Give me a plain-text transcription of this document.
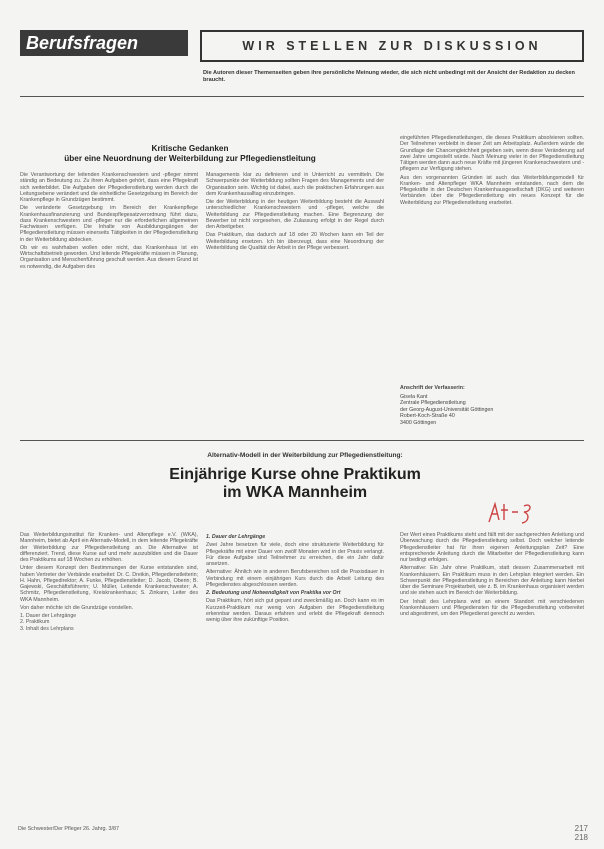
Berufsfragen	WIR STELLEN ZUR DISKUSSION
Die Autoren dieser Themenseiten geben ihre persönliche Meinung wieder, die sich nicht unbedingt mit der Ansicht der Redaktion zu decken braucht.
Kritische Gedanken
über eine Neuordnung der Weiterbildung zur Pflegedienstleitung

Die Verantwortung der leitenden Krankenschwestern und -pfleger nimmt ständig an Bedeutung zu. Zu ihren Aufgaben gehört, dass eine Pflegekraft sich weiterbildet. Die Aufgaben der Pflegedienstleitung werden durch die Leitungsebene verändert und die einheitliche Gesetzgebung im Bereich der Krankenpflege in Grundzügen bestimmt.

Die veränderte Gesetzgebung im Bereich der Krankenpflege Krankenhausfinanzierung und Bundespflegesatzverordnung führt dazu, dass Krankenschwestern und -pfleger nur die erforderlichen allgemeinen Fachwissen verfügen. Die Inhalte von Ausbildungsgängen der Pflegedienstleitung müssen einerseits Tätigkeiten in der Pflegedienstleitung in der Weiterbildung abdecken.

Ob wir es wahrhaben wollen oder nicht, das Krankenhaus ist ein Wirtschaftsbetrieb geworden. Und leitende Pflegekräfte müssen in Planung, Organisation und Menschenführung geschult werden. Aus diesem Grund ist es notwendig, die Aufgaben des

Managements klar zu definieren und in Unterricht zu vermitteln. Die Schwerpunkte der Weiterbildung sollten Fragen des Managements und der Organisation sein. Wichtig ist dabei, auch die praktischen Erfahrungen aus dem Krankenhausalltag einzubringen.

Die der Weiterbildung in der heutigen Weiterbildung besteht die Auswahl unterschiedlicher Krankenschwestern und -pfleger, welche die Weiterbildung zur Pflegedienstleitung machen. Eine Begrenzung der Bewerber ist nicht vorgesehen, die Zulassung erfolgt in der Regel durch den Arbeitgeber.

Das Praktikum, das dadurch auf 18 oder 20 Wochen kann ein Teil der Weiterbildung ersetzen. Ich bin überzeugt, dass eine Neuordnung der Weiterbildung die Qualität der Arbeit in der Pflege verbessert.

eingeführten Pflegedienstleitungen, die dieses Praktikum absolvieren sollten. Der Teilnehmer verbleibt in dieser Zeit am Arbeitsplatz. Außerdem würde die Grundlage der Chancengleichheit gegeben sein, wenn diese Veränderung auf zwei Jahre umgestellt würde. Nach Meinung vieler in der Pflegedienstleitung Tätigen werden dann auch neue Kräfte mit jüngeren Krankenschwestern und -pflegern zur Verfügung stehen.

Aus den vorgenannten Gründen ist auch das Weiterbildungsmodell für Kranken- und Altenpfleger WKA Mannheim entstanden, nach dem die Pflegekräfte in der Deutschen Krankenhausgesellschaft (DKG) und weiteren Verbänden über die Pflegedienstleitung ein neues Konzept für die Weiterbildung zur Pflegedienstleitung erarbeitet.

Anschrift der Verfasserin:
Gisela Kant
Zentrale Pflegedienstleitung
der Georg-August-Universität Göttingen
Robert-Koch-Straße 40
3400 Göttingen
Alternativ-Modell in der Weiterbildung zur Pflegedienstleitung:
Einjährige Kurse ohne Praktikum
im WKA Mannheim

Das Weiterbildungsinstitut für Kranken- und Altenpflege e.V. (WKA), Mannheim, bietet ab April ein Alternativ-Modell, in dem leitende Pflegekräfte der Weiterbildung zur Pflegedienstleitung an. Die Alternative ist differenziert. Trend, diese Kurse auf und mehr auszubilden und die Dauer des Praktikums auf 18 Wochen zu erhöhen.

Unter diesem Konzept den Bestimmungen der Kurse entstanden sind, haben Vertreter der Verbände erarbeitet: Dr. C. Dreikin, Pflegedienstleiterin; H. Hahn, Pflegedirektor; A. Funke, Pflegedienstleiter; D. Jacob, Oberin; B. Gajewski, Geschäftsführerin; U. Müller, Leitende Krankenschwester; A. Schmitz, Pflegedienstleitung, Kreiskrankenhaus; S. Zinkann, Leiter des WKA Mannheim.

Von daher möchte ich die Grundzüge vorstellen.

1. Dauer der Lehrgänge
2. Praktikum
3. Inhalt des Lehrplans
1. Dauer der Lehrgänge

Zwei Jahre besetzen für viele, doch eine strukturierte Weiterbildung für Pflegekräfte mit einer Dauer von zwölf Monaten wird in der Praxis verlangt. Für diese Aufgabe sind Teilnehmer zu erreichen, die ein Jahr dafür ansetzen.

Alternative: Ähnlich wie in anderen Berufsbereichen soll die Praxisdauer in Verbindung mit einem einjährigen Kurs durch die Arbeit Leitung des Pflegedienstes abgeschlossen werden.

2. Bedeutung und Notwendigkeit von Praktika vor Ort

Das Praktikum, hört sich gut gepant und zweckmäßig an. Doch kann es im Kurzzeit-Praktikum nur wenig von Aufgaben der Pflegedienstleitung erkennbar werden. Daraus erfahren und erlebt die Pflegekraft dennoch wenig über ihre zukünftige Position.

Der Wert eines Praktikums steht und fällt mit der sachgerechten Anleitung und Überwachung durch die Pflegedienstleitung selbst. Doch welcher leitende Pflegedienstleiter hat für ihren eigenen Anleitungsplan Zeit? Eine entsprechende Anleitung durch die Mitarbeiter der Pflegedienstleitung kann nur bedingt erfolgen.

Alternative: Ein Jahr ohne Praktikum, statt dessen Zusammenarbeit mit Krankenhäusern. Ein Praktikum muss in den Lehrplan integriert werden. Ein Schwerpunkt der Pflegedienstleitung in Bereichen der Anleitung kann hierbei über die Seminare Projektarbeit, wie z. B. im Krankenhaus organisiert werden und sie stehen auch im Bereich der Weiterbildung.

Der Inhalt des Lehrplans wird an einem Standort mit verschiedenen Krankenhäusern und Pflegediensten für die Pflegedienstleitung vorbereitet und abgestimmt, um den Pflegedienst gerecht zu werden.

Die Schwester/Der Pfleger 26. Jahrg. 3/87	217
218
